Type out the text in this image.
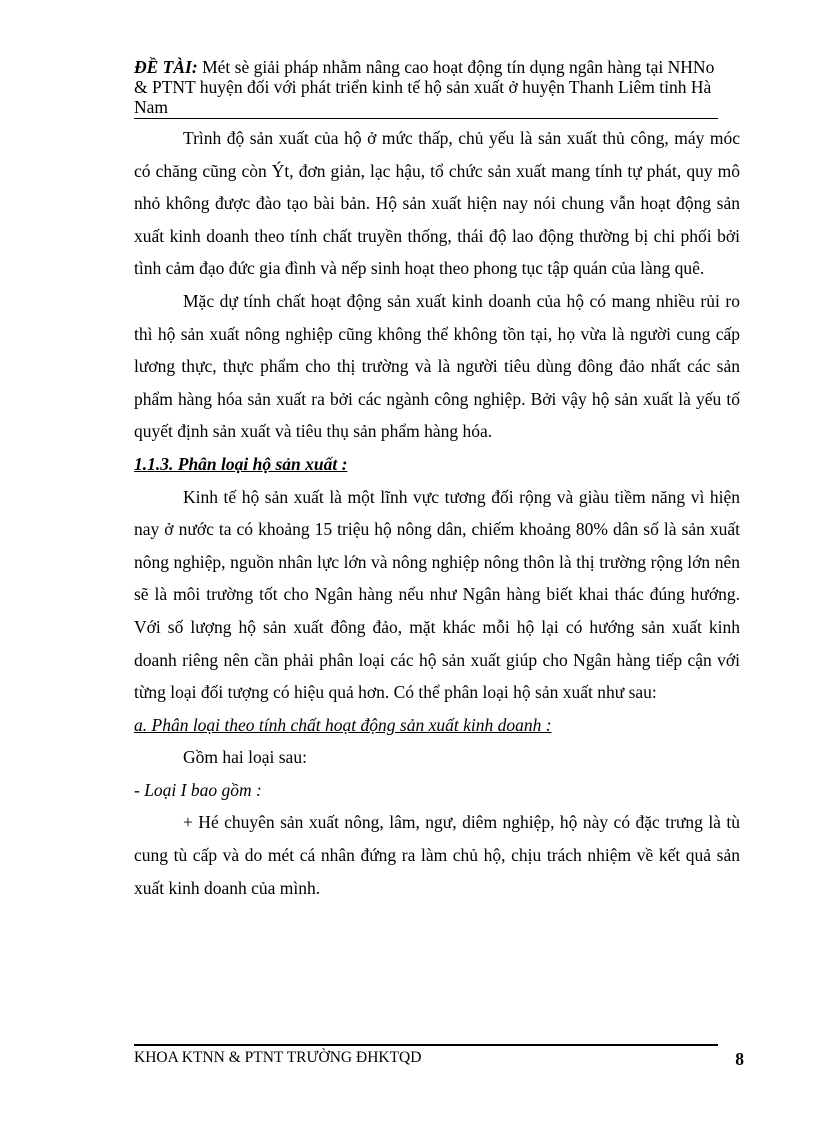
ĐỀ TÀI: Mét sè giải pháp nhằm nâng cao hoạt động tín dụng ngân hàng tại NHNo & PTNT huyện đối với phát triển kinh tế hộ sản xuất ở huyện Thanh Liêm tỉnh Hà Nam

Trình độ sản xuất của hộ ở mức thấp, chủ yếu là sản xuất thủ công, máy móc có chăng cũng còn Ýt, đơn giản, lạc hậu, tổ chức sản xuất mang tính tự phát, quy mô nhỏ không được đào tạo bài bản. Hộ sản xuất hiện nay nói chung vẫn hoạt động sản xuất kinh doanh theo tính chất truyền thống, thái độ lao động thường bị chi phối bởi tình cảm đạo đức gia đình và nếp sinh hoạt theo phong tục tập quán của làng quê.

Mặc dự tính chất hoạt động sản xuất kinh doanh của hộ có mang nhiều rủi ro thì hộ sản xuất nông nghiệp cũng không thể không tồn tại, họ vừa là người cung cấp lương thực, thực phẩm cho thị trường và là người tiêu dùng đông đảo nhất các sản phẩm hàng hóa sản xuất ra bởi các ngành công nghiệp. Bởi vậy hộ sản xuất là yếu tố quyết định sản xuất và tiêu thụ sản phẩm hàng hóa.

1.1.3. Phân loại hộ sản xuất :

Kinh tế hộ sản xuất là một lĩnh vực tương đối rộng và giàu tiềm năng vì hiện nay ở nước ta có khoảng 15 triệu hộ nông dân, chiếm khoảng 80% dân số là sản xuất nông nghiệp, nguồn nhân lực lớn và nông nghiệp nông thôn là thị trường rộng lớn nên sẽ là môi trường tốt cho Ngân hàng nếu như Ngân hàng biết khai thác đúng hướng. Với số lượng hộ sản xuất đông đảo, mặt khác mỗi hộ lại có hướng sản xuất kinh doanh riêng nên cần phải phân loại các hộ sản xuất giúp cho Ngân hàng tiếp cận với từng loại đối tượng có hiệu quả hơn. Có thể phân loại hộ sản xuất như sau:

a. Phân loại theo tính chất hoạt động sản xuất kinh doanh :

Gồm hai loại sau:

- Loại I bao gồm :

+ Hé chuyên sản xuất nông, lâm, ngư, diêm nghiệp, hộ này có đặc trưng là tù cung tù cấp và do mét cá nhân đứng ra làm chủ hộ, chịu trách nhiệm về kết quả sản xuất kinh doanh của mình.

KHOA KTNN & PTNT TRƯỜNG ĐHKTQD	8
